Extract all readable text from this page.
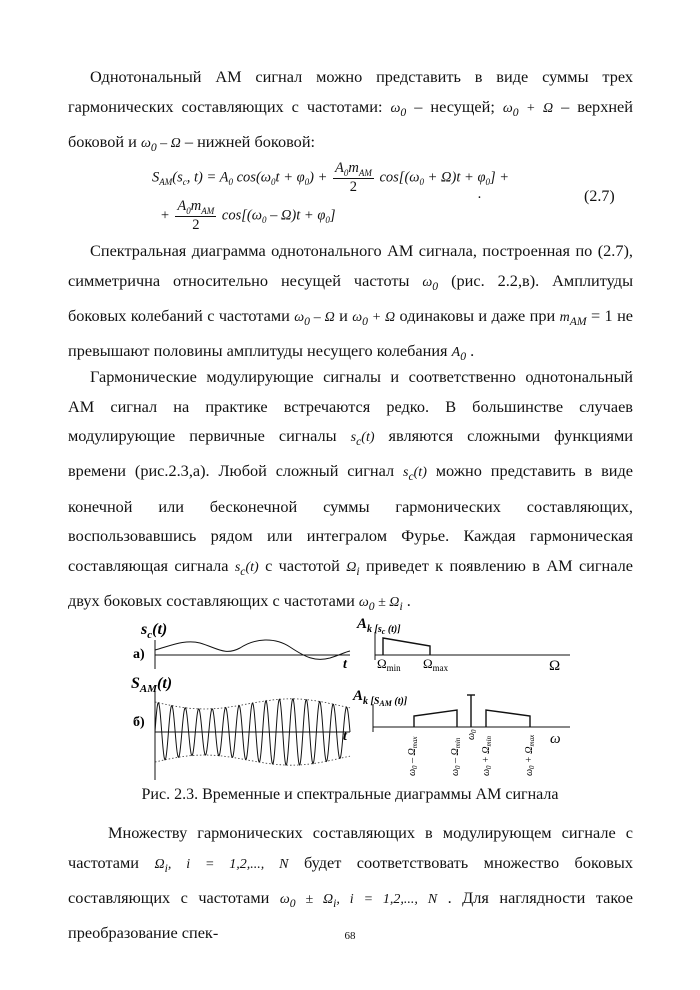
Однотональный АМ сигнал можно представить в виде суммы трех гармонических составляющих с частотами: $\omega_0$ – несущей; $\omega_0 + \Omega$ – верхней боковой и $\omega_0$ – Ω – нижней боковой:

$S_{AM}(s_c$, $t) = A_0$ $\cos(\omega_0t + \varphi_0)$ +
$A_0m_{AM}$
2
$\cos[(\omega_0 + \Omega)t + \varphi_0]$ +
.
+
$A_0m_{AM}$
2
$\cos[(\omega_0 - \Omega)t + \varphi_0]$
(2.7)

Спектральная диаграмма однотонального АМ сигнала, построенная по (2.7), симметрична относительно несущей частоты $\omega_0$ (рис. 2.2,в). Амплитуды боковых колебаний с частотами $\omega_0$ – Ω и $\omega_0 + \Omega$ одинаковы и даже при $m_{AM} = 1$ не превышают половины амплитуды несущего колебания $A_0$ .

Гармонические модулирующие сигналы и соответственно однотональный АМ сигнал на практике встречаются редко. В большинстве случаев модулирующие первичные сигналы $s_c(t)$ являются сложными функциями времени (рис.2.3,а). Любой сложный сигнал $s_c(t)$ можно представить в виде конечной или бесконечной суммы гармонических составляющих, воспользовавшись рядом или интегралом Фурье. Каждая гармоническая составляющая сигнала $s_c(t)$ с частотой $\Omega_i$ приведет к появлению в АМ сигнале двух боковых составляющих с частотами $\omega_0 \pm \Omega_i$ .

$s_c(t)$
а)
t
$A_{k [s}c$ (t)]
$\Omega_{min}$ $\Omega_{max}$	Ω
$S_{AM}(t)$
б)
t
$A_{k [S}AM$ (t)]
ω
$\omega_0 - \Omega_{max}$
$\omega_0 - \Omega_{min}$
$\omega_0$
$\omega_0 + \Omega_{min}$
$\omega_0 + \Omega_{max}$
Рис. 2.3. Временные и спектральные диаграммы АМ сигнала

Множеству гармонических составляющих в модулирующем сигнале с частотами $\Omega_i$, i = 1,2,..., N будет соответствовать множество боковых составляющих с частотами $\omega_0 \pm \Omega_i$, i = 1,2,..., N . Для наглядности такое преобразование спек-	68
